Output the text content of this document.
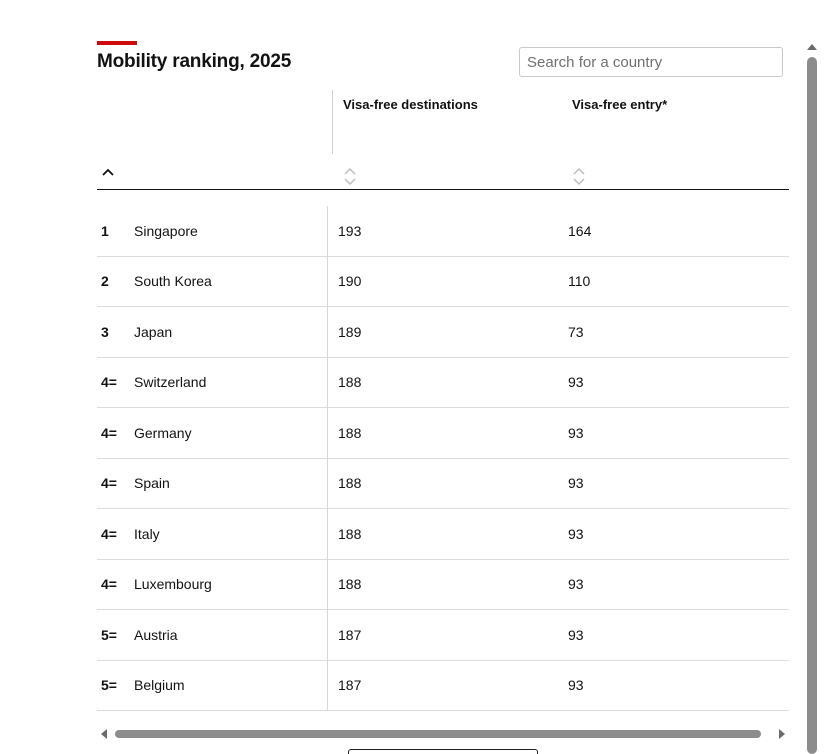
Mobility ranking, 2025
Search for a country
Visa-free destinations	Visa-free entry*
1 Singapore	193	164
2 South Korea	190	110
3 Japan	189	73
4= Switzerland	188	93
4= Germany	188	93
4= Spain	188	93
4= Italy	188	93
4= Luxembourg	188	93
5= Austria	187	93
5= Belgium	187	93
